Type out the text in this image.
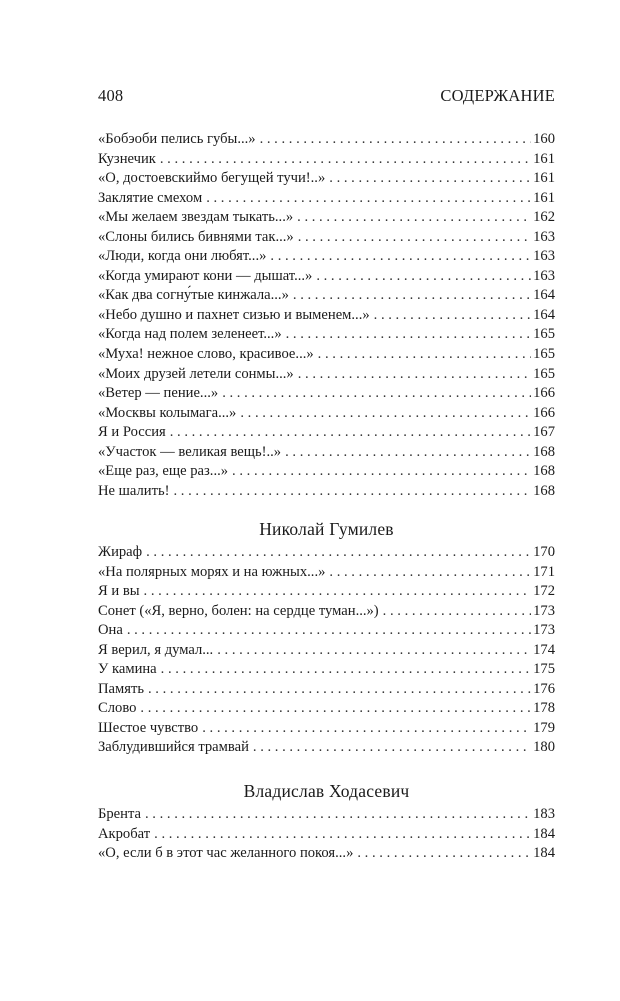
408	СОДЕРЖАНИЕ
«Бобэоби пелись губы...» . . .	160
Кузнечик . . .	161
«О, достоевскиймо бегущей тучи!..» . . .	161
Заклятие смехом . . .	161
«Мы желаем звездам тыкать...» . . .	162
«Слоны бились бивнями так...» . . .	163
«Люди, когда они любят...» . . .	163
«Когда умирают кони — дышат...» . . .	163
«Как два согну́тые кинжала...» . . .	164
«Небо душно и пахнет сизью и выменем...» . . .	164
«Когда над полем зеленеет...» . . .	165
«Муха! нежное слово, красивое...» . . .	165
«Моих друзей летели сонмы...» . . .	165
«Ветер — пение...» . . .	166
«Москвы колымага...» . . .	166
Я и Россия . . .	167
«Участок — великая вещь!..» . . .	168
«Еще раз, еще раз...» . . .	168
Не шалить! . . .	168
Николай Гумилев
Жираф . . .	170
«На полярных морях и на южных...» . . .	171
Я и вы . . .	172
Сонет («Я, верно, болен: на сердце туман...») . . .	173
Она . . .	173
Я верил, я думал... . . .	174
У камина . . .	175
Память . . .	176
Слово . . .	178
Шестое чувство . . .	179
Заблудившийся трамвай . . .	180
Владислав Ходасевич
Брента . . .	183
Акробат . . .	184
«О, если б в этот час желанного покоя...» . . .	184
